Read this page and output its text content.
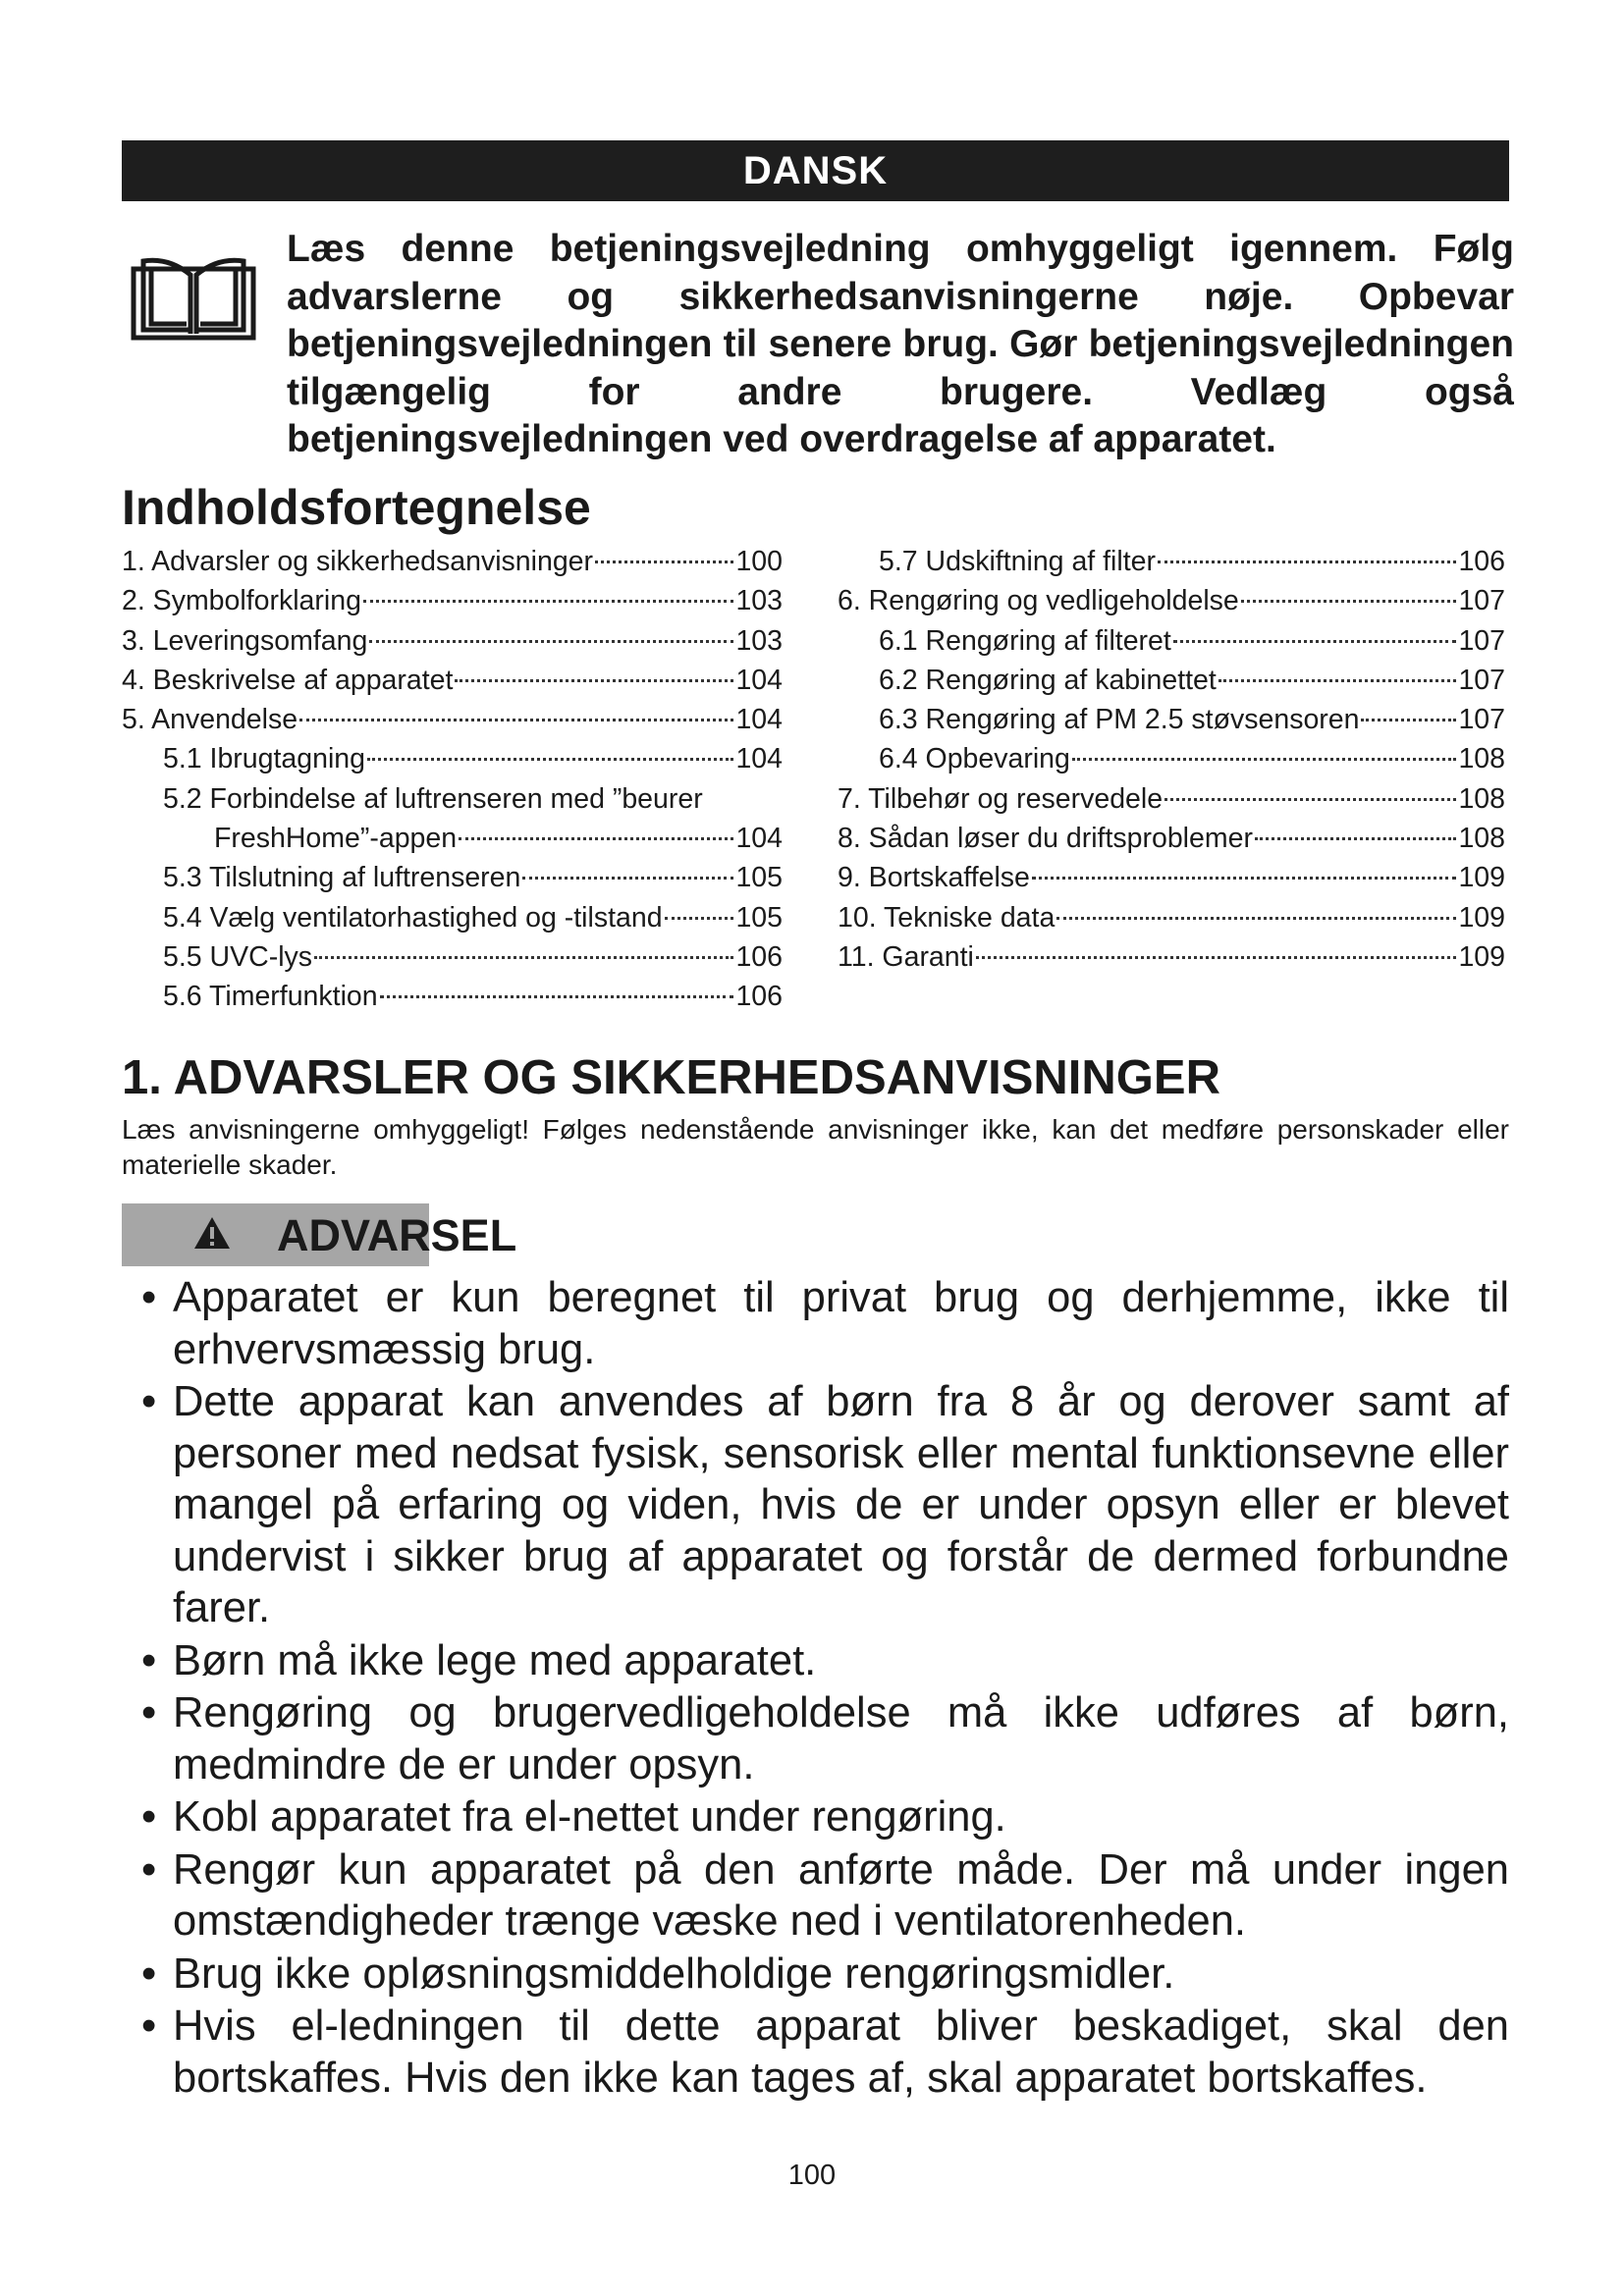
DANSK

Læs denne betjeningsvejledning omhyggeligt igennem. Følg advarslerne og sikkerhedsanvisningerne nøje. Opbevar betjeningsvejledningen til senere brug. Gør betjeningsvejledningen tilgængelig for andre brugere. Vedlæg også betjeningsvejledningen ved overdragelse af apparatet.

Indholdsfortegnelse
1. Advarsler og sikkerhedsanvisninger	100
2. Symbolforklaring	103
3. Leveringsomfang	103
4. Beskrivelse af apparatet	104
5. Anvendelse	104
5.1 Ibrugtagning	104
5.2 Forbindelse af luftrenseren med ”beurer
FreshHome”-appen	104
5.3 Tilslutning af luftrenseren	105
5.4 Vælg ventilatorhastighed og -tilstand	105
5.5 UVC-lys	106
5.6 Timerfunktion	106
5.7 Udskiftning af filter	106
6. Rengøring og vedligeholdelse	107
6.1 Rengøring af filteret	107
6.2 Rengøring af kabinettet	107
6.3 Rengøring af PM 2.5 støvsensoren	107
6.4 Opbevaring	108
7. Tilbehør og reservedele	108
8. Sådan løser du driftsproblemer	108
9. Bortskaffelse	109
10. Tekniske data	109
11. Garanti	109
1. ADVARSLER OG SIKKERHEDSANVISNINGER

Læs anvisningerne omhyggeligt! Følges nedenstående anvisninger ikke, kan det medføre personskader eller materielle skader.

ADVARSEL
• Apparatet er kun beregnet til privat brug og derhjemme, ikke til erhvervsmæssig brug.
• Dette apparat kan anvendes af børn fra 8 år og derover samt af personer med nedsat fysisk, sensorisk eller mental funktionsevne eller mangel på erfaring og viden, hvis de er under opsyn eller er blevet undervist i sikker brug af apparatet og forstår de dermed forbundne farer.
• Børn må ikke lege med apparatet.
• Rengøring og brugervedligeholdelse må ikke udføres af børn, medmindre de er under opsyn.
• Kobl apparatet fra el-nettet under rengøring.
• Rengør kun apparatet på den anførte måde. Der må under ingen omstændigheder trænge væske ned i ventilatorenheden.
• Brug ikke opløsningsmiddelholdige rengøringsmidler.
• Hvis el-ledningen til dette apparat bliver beskadiget, skal den bortskaffes. Hvis den ikke kan tages af, skal apparatet bortskaffes.
100
